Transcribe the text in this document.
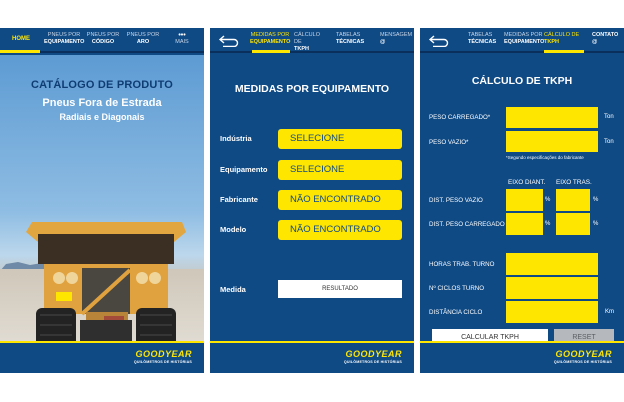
HOME
PNEUS POR
EQUIPAMENTO
PNEUS POR
CÓDIGO
PNEUS POR
ARO
•••
MAIS
CATÁLOGO DE PRODUTO
Pneus Fora de Estrada
Radiais e Diagonais
GOODYEAR
QUILÔMETROS DE HISTÓRIAS
MEDIDAS POR
EQUIPAMENTO
CÁLCULO DE
TKPH
TABELAS
TÉCNICAS
MENSAGEM
@
MEDIDAS POR EQUIPAMENTO
Indústria	SELECIONE
Equipamento	SELECIONE
Fabricante	NÃO ENCONTRADO
Modelo	NÃO ENCONTRADO
Medida	RESULTADO
GOODYEAR
QUILÔMETROS DE HISTÓRIAS
TABELAS
TÉCNICAS
MEDIDAS POR
EQUIPAMENTO
CÁLCULO DE
TKPH
CONTATO
@
CÁLCULO DE TKPH
PESO CARREGADO*	Ton
PESO VAZIO*	Ton
*Segundo especificações do fabricante
EIXO DIANT. EIXO TRAS.
DIST. PESO VAZIO	%	%
DIST. PESO CARREGADO	%	%
HORAS TRAB. TURNO
Nº CICLOS TURNO
DISTÂNCIA CICLO	Km
CALCULAR TKPH	RESET
GOODYEAR
QUILÔMETROS DE HISTÓRIAS
